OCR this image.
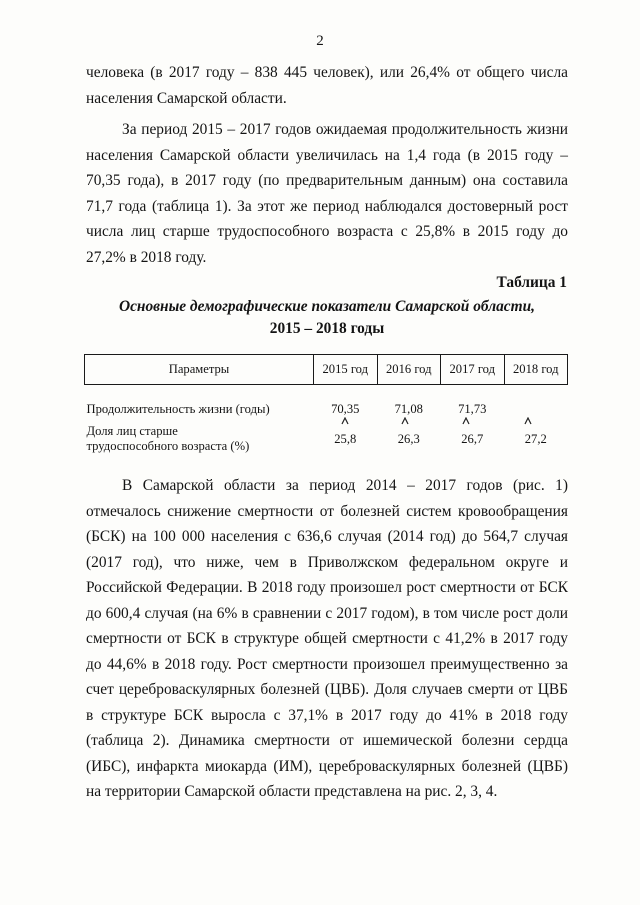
2

человека (в 2017 году – 838 445 человек), или 26,4% от общего числа населения Самарской области.

За период 2015 – 2017 годов ожидаемая продолжительность жизни населения Самарской области увеличилась на 1,4 года (в 2015 году – 70,35 года), в 2017 году (по предварительным данным) она составила 71,7 года (таблица 1). За этот же период наблюдался достоверный рост числа лиц старше трудоспособного возраста с 25,8% в 2015 году до 27,2% в 2018 году.

Таблица 1
Основные демографические показатели Самарской области,
2015 – 2018 годы
Параметры	2015 год	2016 год	2017 год	2018 год
Продолжительность жизни (годы)	70,35	71,08	71,73	
Доля лиц старше
трудоспособного возраста (%)	25,8	26,3	26,7	27,2

В Самарской области за период 2014 – 2017 годов (рис. 1) отмечалось снижение смертности от болезней систем кровообращения (БСК) на 100 000 населения с 636,6 случая (2014 год) до 564,7 случая (2017 год), что ниже, чем в Приволжском федеральном округе и Российской Федерации. В 2018 году произошел рост смертности от БСК до 600,4 случая (на 6% в сравнении с 2017 годом), в том числе рост доли смертности от БСК в структуре общей смертности с 41,2% в 2017 году до 44,6% в 2018 году. Рост смертности произошел преимущественно за счет цереброваскулярных болезней (ЦВБ). Доля случаев смерти от ЦВБ в структуре БСК выросла с 37,1% в 2017 году до 41% в 2018 году (таблица 2). Динамика смертности от ишемической болезни сердца (ИБС), инфаркта миокарда (ИМ), цереброваскулярных болезней (ЦВБ) на территории Самарской области представлена на рис. 2, 3, 4.
